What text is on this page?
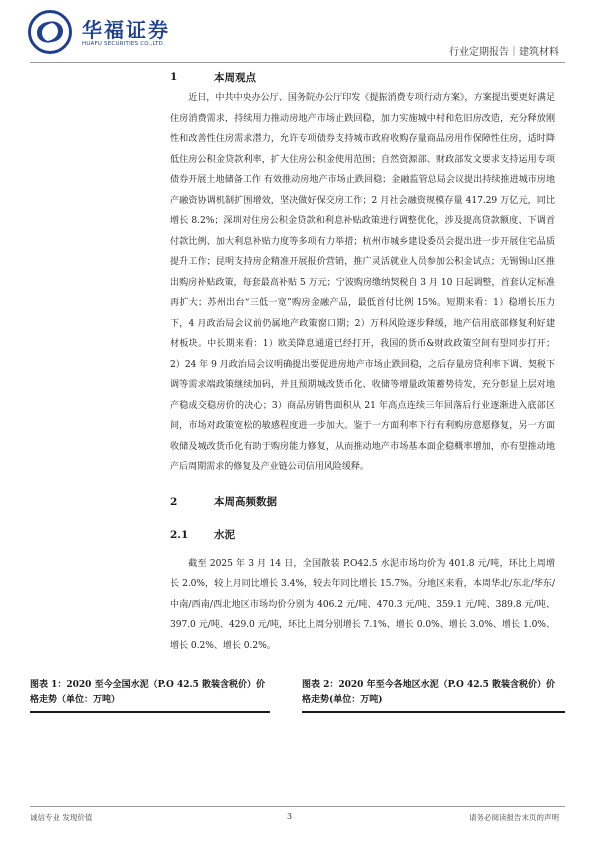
华福证券
HUAFU SECURITIES CO.,LTD.
行业定期报告｜建筑材料
1	本周观点

近日，中共中央办公厅、国务院办公厅印发《提振消费专项行动方案》，方案提出要更好满足住房消费需求，持续用力推动房地产市场止跌回稳，加力实施城中村和危旧房改造，充分释放刚性和改善性住房需求潜力，允许专项债券支持城市政府收购存量商品房用作保障性住房，适时降低住房公积金贷款利率，扩大住房公积金使用范围；自然资源部、财政部发文要求支持运用专项债券开展土地储备工作 有效推动房地产市场止跌回稳；金融监管总局会议提出持续推进城市房地产融资协调机制扩围增效，坚决做好保交房工作；2 月社会融资规模存量 417.29 万亿元，同比增长 8.2%；深圳对住房公积金贷款和利息补贴政策进行调整优化，涉及提高贷款额度、下调首付款比例、加大利息补贴力度等多项有力举措；杭州市城乡建设委员会提出进一步开展住宅品质提升工作；昆明支持房企精准开展报价营销，推广灵活就业人员参加公积金试点；无锡锡山区推出购房补贴政策，每套最高补贴 5 万元；宁波购房缴纳契税自 3 月 10 日起调整，首套认定标准再扩大；苏州出台“三低一宽”购房金融产品，最低首付比例 15%。短期来看：1）稳增长压力下，4 月政治局会议前仍属地产政策窗口期；2）万科风险逐步释缓，地产信用底部修复利好建材板块。中长期来看：1）欧美降息通道已经打开，我国的货币&财政政策空间有望同步打开；2）24 年 9 月政治局会议明确提出要促进房地产市场止跌回稳，之后存量房贷利率下调、契税下调等需求端政策继续加码，并且预期城改货币化、收储等增量政策蓄势待发，充分彰显上层对地产稳成交稳房价的决心；3）商品房销售面积从 21 年高点连续三年回落后行业逐渐进入底部区间，市场对政策宽松的敏感程度进一步加大。鉴于一方面利率下行有利购房意愿修复，另一方面收储及城改货币化有助于购房能力修复，从而推动地产市场基本面企稳概率增加，亦有望推动地产后周期需求的修复及产业链公司信用风险缓释。

2	本周高频数据
2.1	水泥

截至 2025 年 3 月 14 日，全国散装 P.O42.5 水泥市场均价为 401.8 元/吨，环比上周增长 2.0%，较上月同比增长 3.4%，较去年同比增长 15.7%。分地区来看，本周华北/东北/华东/中南/西南/西北地区市场均价分别为 406.2 元/吨、470.3 元/吨、359.1 元/吨、389.8 元/吨、397.0 元/吨、429.0 元/吨，环比上周分别增长 7.1%、增长 0.0%、增长 3.0%、增长 1.0%、增长 0.2%、增长 0.2%。

图表 1：2020 至今全国水泥（P.O 42.5 散装含税价）价格走势（单位：万吨）
图表 2：2020 年至今各地区水泥（P.O 42.5 散装含税价）价格走势(单位：万吨)
诚信专业 发现价值	3	请务必阅读报告末页的声明
